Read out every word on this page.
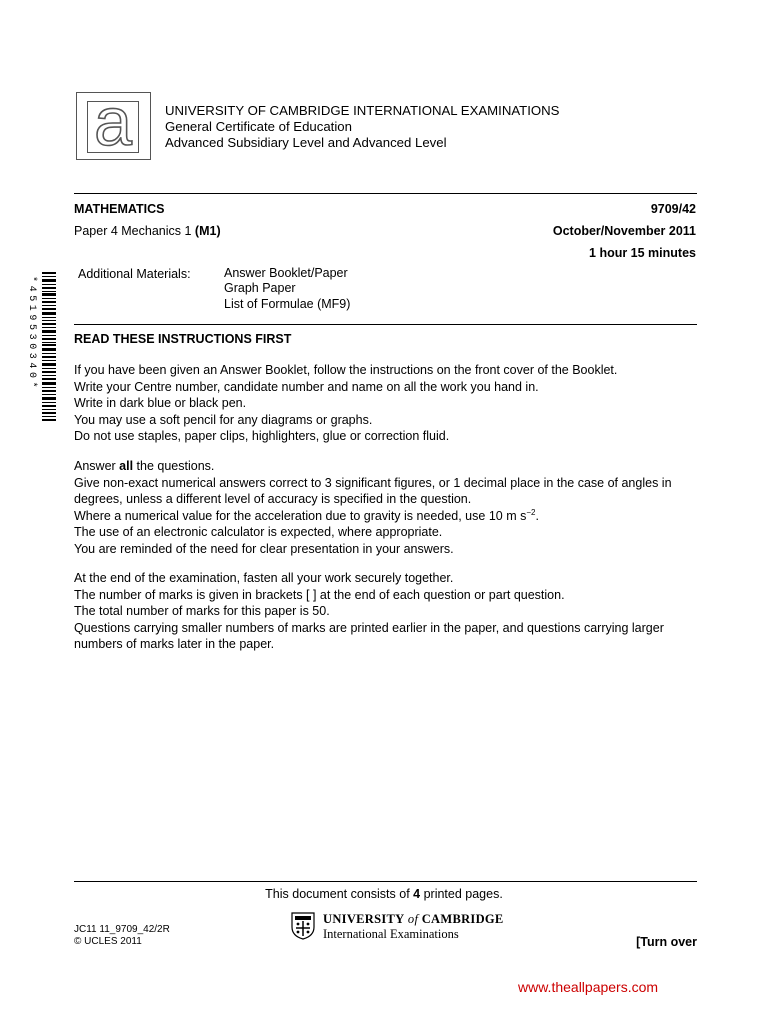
a	UNIVERSITY OF CAMBRIDGE INTERNATIONAL EXAMINATIONS
General Certificate of Education
Advanced Subsidiary Level and Advanced Level
MATHEMATICS	9709/42
Paper 4 Mechanics 1 (M1)	October/November 2011
1 hour 15 minutes
Additional Materials:	Answer Booklet/Paper
Graph Paper
List of Formulae (MF9)
*4519530340*	READ THESE INSTRUCTIONS FIRST
If you have been given an Answer Booklet, follow the instructions on the front cover of the Booklet.
Write your Centre number, candidate number and name on all the work you hand in.
Write in dark blue or black pen.
You may use a soft pencil for any diagrams or graphs.
Do not use staples, paper clips, highlighters, glue or correction fluid.
Answer all the questions.
Give non-exact numerical answers correct to 3 significant figures, or 1 decimal place in the case of angles in
degrees, unless a different level of accuracy is specified in the question.
Where a numerical value for the acceleration due to gravity is needed, use 10 m $s^{-2}$.
The use of an electronic calculator is expected, where appropriate.
You are reminded of the need for clear presentation in your answers.
At the end of the examination, fasten all your work securely together.
The number of marks is given in brackets [ ] at the end of each question or part question.
The total number of marks for this paper is 50.
Questions carrying smaller numbers of marks are printed earlier in the paper, and questions carrying larger
numbers of marks later in the paper.
This document consists of 4 printed pages.
JC11 11_9709_42/2R
© UCLES 2011
UNIVERSITY of CAMBRIDGE
International Examinations
[Turn over
www.theallpapers.com
